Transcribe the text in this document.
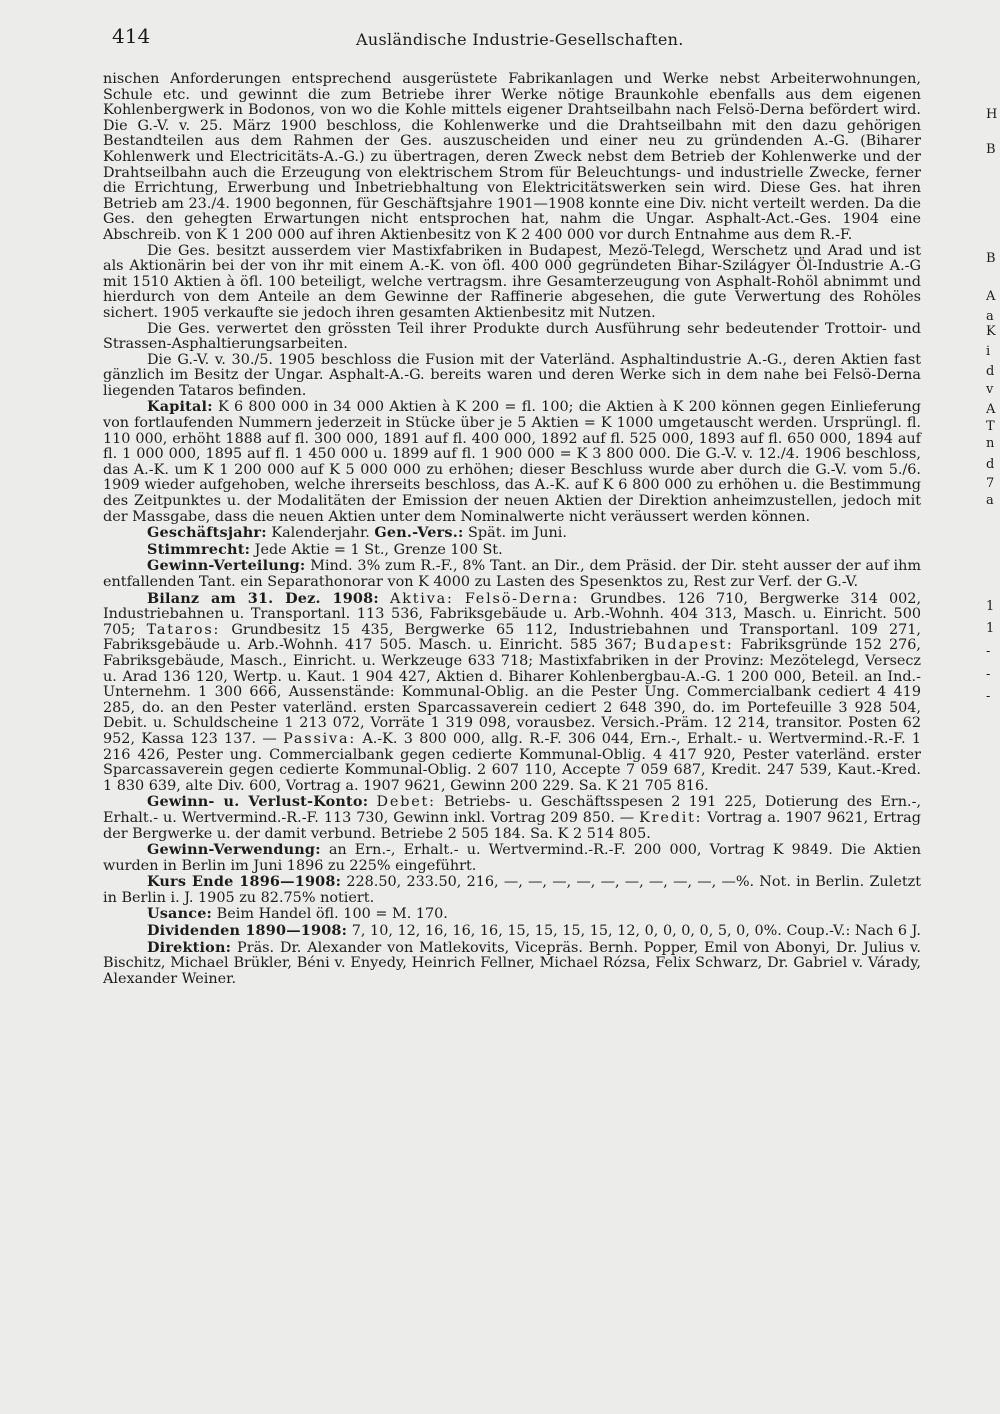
414	Ausländische Industrie-Gesellschaften.

nischen Anforderungen entsprechend ausgerüstete Fabrikanlagen und Werke nebst Arbeiterwohnungen, Schule etc. und gewinnt die zum Betriebe ihrer Werke nötige Braunkohle ebenfalls aus dem eigenen Kohlenbergwerk in Bodonos, von wo die Kohle mittels eigener Drahtseilbahn nach Felsö-Derna befördert wird. Die G.-V. v. 25. März 1900 beschloss, die Kohlenwerke und die Drahtseilbahn mit den dazu gehörigen Bestandteilen aus dem Rahmen der Ges. auszuscheiden und einer neu zu gründenden A.-G. (Biharer Kohlenwerk und Electricitäts-A.-G.) zu übertragen, deren Zweck nebst dem Betrieb der Kohlenwerke und der Drahtseilbahn auch die Erzeugung von elektrischem Strom für Beleuchtungs- und industrielle Zwecke, ferner die Errichtung, Erwerbung und Inbetriebhaltung von Elektricitätswerken sein wird. Diese Ges. hat ihren Betrieb am 23./4. 1900 begonnen, für Geschäftsjahre 1901—1908 konnte eine Div. nicht verteilt werden. Da die Ges. den gehegten Erwartungen nicht entsprochen hat, nahm die Ungar. Asphalt-Act.-Ges. 1904 eine Abschreib. von K 1 200 000 auf ihren Aktienbesitz von K 2 400 000 vor durch Entnahme aus dem R.-F.

Die Ges. besitzt ausserdem vier Mastixfabriken in Budapest, Mezö-Telegd, Werschetz und Arad und ist als Aktionärin bei der von ihr mit einem A.-K. von öfl. 400 000 gegründeten Bihar-Szilágyer Öl-Industrie A.-G mit 1510 Aktien à öfl. 100 beteiligt, welche vertragsm. ihre Gesamterzeugung von Asphalt-Rohöl abnimmt und hierdurch von dem Anteile an dem Gewinne der Raffinerie abgesehen, die gute Verwertung des Rohöles sichert. 1905 verkaufte sie jedoch ihren gesamten Aktienbesitz mit Nutzen.

Die Ges. verwertet den grössten Teil ihrer Produkte durch Ausführung sehr bedeutender Trottoir- und Strassen-Asphaltierungsarbeiten.

Die G.-V. v. 30./5. 1905 beschloss die Fusion mit der Vaterländ. Asphaltindustrie A.-G., deren Aktien fast gänzlich im Besitz der Ungar. Asphalt-A.-G. bereits waren und deren Werke sich in dem nahe bei Felsö-Derna liegenden Tataros befinden.

Kapital: K 6 800 000 in 34 000 Aktien à K 200 = fl. 100; die Aktien à K 200 können gegen Einlieferung von fortlaufenden Nummern jederzeit in Stücke über je 5 Aktien = K 1000 umgetauscht werden. Ursprüngl. fl. 110 000, erhöht 1888 auf fl. 300 000, 1891 auf fl. 400 000, 1892 auf fl. 525 000, 1893 auf fl. 650 000, 1894 auf fl. 1 000 000, 1895 auf fl. 1 450 000 u. 1899 auf fl. 1 900 000 = K 3 800 000. Die G.-V. v. 12./4. 1906 beschloss, das A.-K. um K 1 200 000 auf K 5 000 000 zu erhöhen; dieser Beschluss wurde aber durch die G.-V. vom 5./6. 1909 wieder aufgehoben, welche ihrerseits beschloss, das A.-K. auf K 6 800 000 zu erhöhen u. die Bestimmung des Zeitpunktes u. der Modalitäten der Emission der neuen Aktien der Direktion anheimzustellen, jedoch mit der Massgabe, dass die neuen Aktien unter dem Nominalwerte nicht veräussert werden können.

Geschäftsjahr: Kalenderjahr. Gen.-Vers.: Spät. im Juni.

Stimmrecht: Jede Aktie = 1 St., Grenze 100 St.

Gewinn-Verteilung: Mind. 3% zum R.-F., 8% Tant. an Dir., dem Präsid. der Dir. steht ausser der auf ihm entfallenden Tant. ein Separathonorar von K 4000 zu Lasten des Spesenktos zu, Rest zur Verf. der G.-V.

Bilanz am 31. Dez. 1908: Aktiva: Felsö-Derna: Grundbes. 126 710, Bergwerke 314 002, Industriebahnen u. Transportanl. 113 536, Fabriksgebäude u. Arb.-Wohnh. 404 313, Masch. u. Einricht. 500 705; Tataros: Grundbesitz 15 435, Bergwerke 65 112, Industriebahnen und Transportanl. 109 271, Fabriksgebäude u. Arb.-Wohnh. 417 505. Masch. u. Einricht. 585 367; Budapest: Fabriksgründe 152 276, Fabriksgebäude, Masch., Einricht. u. Werkzeuge 633 718; Mastixfabriken in der Provinz: Mezötelegd, Versecz u. Arad 136 120, Wertp. u. Kaut. 1 904 427, Aktien d. Biharer Kohlenbergbau-A.-G. 1 200 000, Beteil. an Ind.-Unternehm. 1 300 666, Aussenstände: Kommunal-Oblig. an die Pester Ung. Commercialbank cediert 4 419 285, do. an den Pester vaterländ. ersten Sparcassaverein cediert 2 648 390, do. im Portefeuille 3 928 504, Debit. u. Schuldscheine 1 213 072, Vorräte 1 319 098, vorausbez. Versich.-Präm. 12 214, transitor. Posten 62 952, Kassa 123 137. — Passiva: A.-K. 3 800 000, allg. R.-F. 306 044, Ern.-, Erhalt.- u. Wertvermind.-R.-F. 1 216 426, Pester ung. Commercialbank gegen cedierte Kommunal-Oblig. 4 417 920, Pester vaterländ. erster Sparcassaverein gegen cedierte Kommunal-Oblig. 2 607 110, Accepte 7 059 687, Kredit. 247 539, Kaut.-Kred. 1 830 639, alte Div. 600, Vortrag a. 1907 9621, Gewinn 200 229. Sa. K 21 705 816.

Gewinn- u. Verlust-Konto: Debet: Betriebs- u. Geschäftsspesen 2 191 225, Dotierung des Ern.-, Erhalt.- u. Wertvermind.-R.-F. 113 730, Gewinn inkl. Vortrag 209 850. — Kredit: Vortrag a. 1907 9621, Ertrag der Bergwerke u. der damit verbund. Betriebe 2 505 184. Sa. K 2 514 805.

Gewinn-Verwendung: an Ern.-, Erhalt.- u. Wertvermind.-R.-F. 200 000, Vortrag K 9849. Die Aktien wurden in Berlin im Juni 1896 zu 225% eingeführt.

Kurs Ende 1896—1908: 228.50, 233.50, 216, —, —, —, —, —, —, —, —, —, —%. Not. in Berlin. Zuletzt in Berlin i. J. 1905 zu 82.75% notiert.

Usance: Beim Handel öfl. 100 = M. 170.

Dividenden 1890—1908: 7, 10, 12, 16, 16, 16, 15, 15, 15, 15, 12, 0, 0, 0, 0, 5, 0, 0%. Coup.-V.: Nach 6 J.

Direktion: Präs. Dr. Alexander von Matlekovits, Vicepräs. Bernh. Popper, Emil von Abonyi, Dr. Julius v. Bischitz, Michael Brükler, Béni v. Enyedy, Heinrich Fellner, Michael Rózsa, Felix Schwarz, Dr. Gabriel v. Várady, Alexander Weiner.

H
B
B
A
a
K
i
d
v
A
T
n
d
7
a
1
1
-
-
-
